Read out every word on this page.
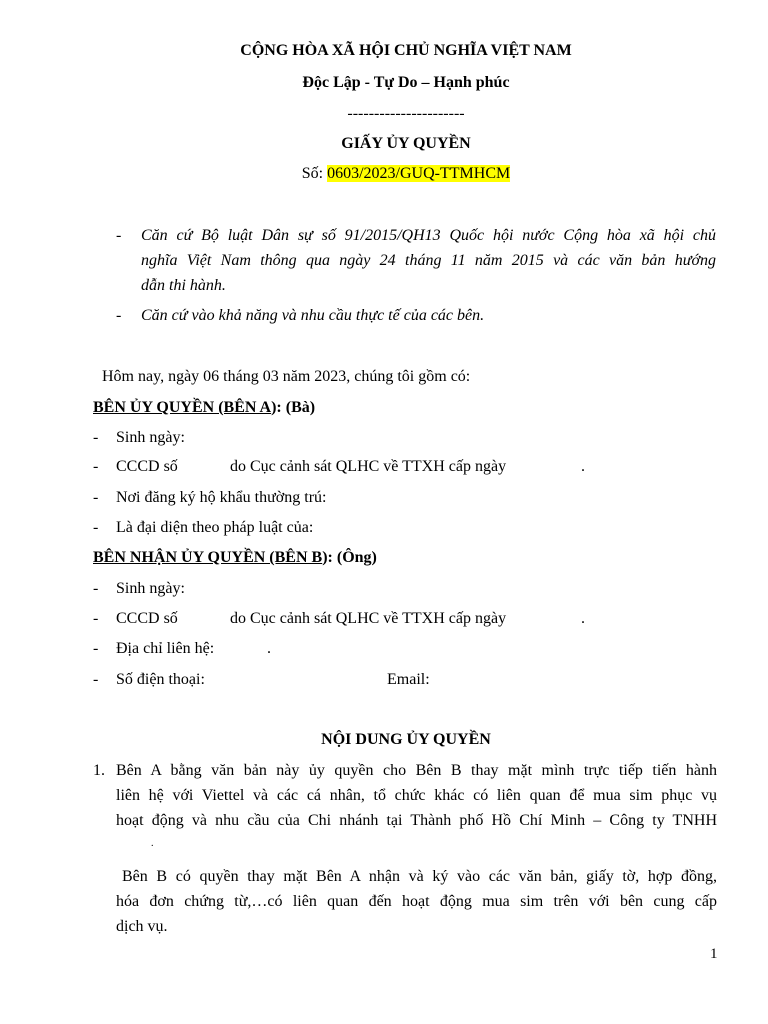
CỘNG HÒA XÃ HỘI CHỦ NGHĨA VIỆT NAM
Độc Lập - Tự Do – Hạnh phúc
----------------------
GIẤY ỦY QUYỀN
Số: 0603/2023/GUQ-TTMHCM
- Căn cứ Bộ luật Dân sự số 91/2015/QH13 Quốc hội nước Cộng hòa xã hội chủ
nghĩa Việt Nam thông qua ngày 24 tháng 11 năm 2015 và các văn bản hướng
dẫn thi hành.
- Căn cứ vào khả năng và nhu cầu thực tế của các bên.
Hôm nay, ngày 06 tháng 03 năm 2023, chúng tôi gồm có:
BÊN ỦY QUYỀN (BÊN A): (Bà)
- Sinh ngày:
- CCCD số	do Cục cảnh sát QLHC về TTXH cấp ngày	.
- Nơi đăng ký hộ khẩu thường trú:
- Là đại diện theo pháp luật của:
BÊN NHẬN ỦY QUYỀN (BÊN B): (Ông)
- Sinh ngày:
- CCCD số	do Cục cảnh sát QLHC về TTXH cấp ngày	.
- Địa chỉ liên hệ:	.
- Số điện thoại:	Email:
NỘI DUNG ỦY QUYỀN
1. Bên A bằng văn bản này ủy quyền cho Bên B thay mặt mình trực tiếp tiến hành
liên hệ với Viettel và các cá nhân, tổ chức khác có liên quan để mua sim phục vụ
hoạt động và nhu cầu của Chi nhánh tại Thành phố Hồ Chí Minh – Công ty TNHH
.
Bên B có quyền thay mặt Bên A nhận và ký vào các văn bản, giấy tờ, hợp đồng,
hóa đơn chứng từ,…có liên quan đến hoạt động mua sim trên với bên cung cấp
dịch vụ.
1
